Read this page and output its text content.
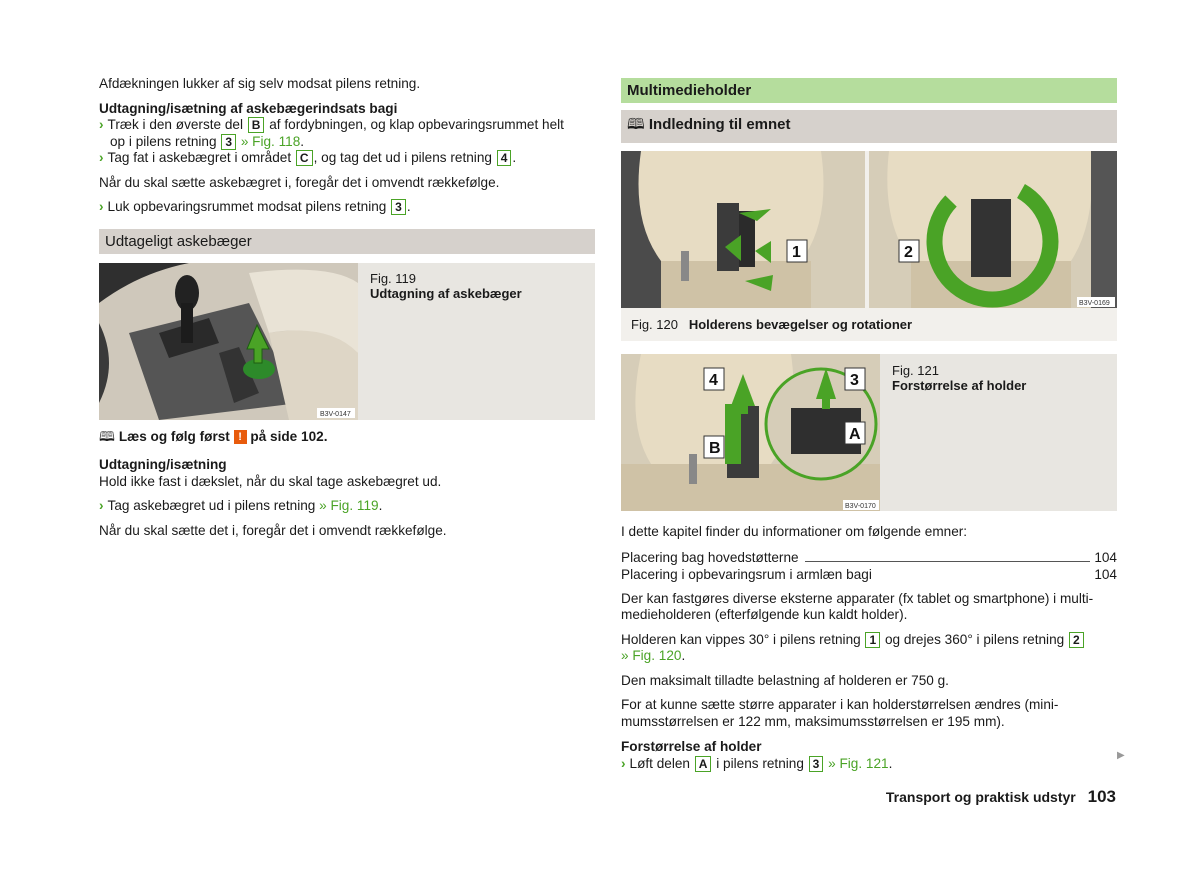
Afdækningen lukker af sig selv modsat pilens retning.

Udtagning/isætning af askebægerindsats bagi

› Træk i den øverste del B af fordybningen, og klap opbevaringsrummet helt

op i pilens retning 3 » Fig. 118.

› Tag fat i askebægret i området C , og tag det ud i pilens retning 4 .

Når du skal sætte askebægret i, foregår det i omvendt rækkefølge.

› Luk opbevaringsrummet modsat pilens retning 3 .

Udtageligt askebæger
B3V-0147
Fig. 119
Udtagning af askebæger

🕮 Læs og følg først ! på side 102.

Udtagning/isætning

Hold ikke fast i dækslet, når du skal tage askebægret ud.

› Tag askebægret ud i pilens retning » Fig. 119.

Når du skal sætte det i, foregår det i omvendt rækkefølge.

Multimedieholder
🕮 Indledning til emnet
1	2
B3V-0169
Fig. 120 Holderens bevægelser og rotationer
4	3
B
A
B3V-0170
Fig. 121
Forstørrelse af holder

I dette kapitel finder du informationer om følgende emner:

Placering bag hovedstøtterne	104
Placering i opbevaringsrum i armlæn bagi	104

Der kan fastgøres diverse eksterne apparater (fx tablet og smartphone) i multi-medieholderen (efterfølgende kun kaldt holder).

Holderen kan vippes 30° i pilens retning 1 og drejes 360° i pilens retning 2
» Fig. 120.

Den maksimalt tilladte belastning af holderen er 750 g.

For at kunne sætte større apparater i kan holderstørrelsen ændres (mini-mumsstørrelsen er 122 mm, maksimumsstørrelsen er 195 mm).

Forstørrelse af holder

› Løft delen A i pilens retning 3 » Fig. 121.	▶
Transport og praktisk udstyr 103
